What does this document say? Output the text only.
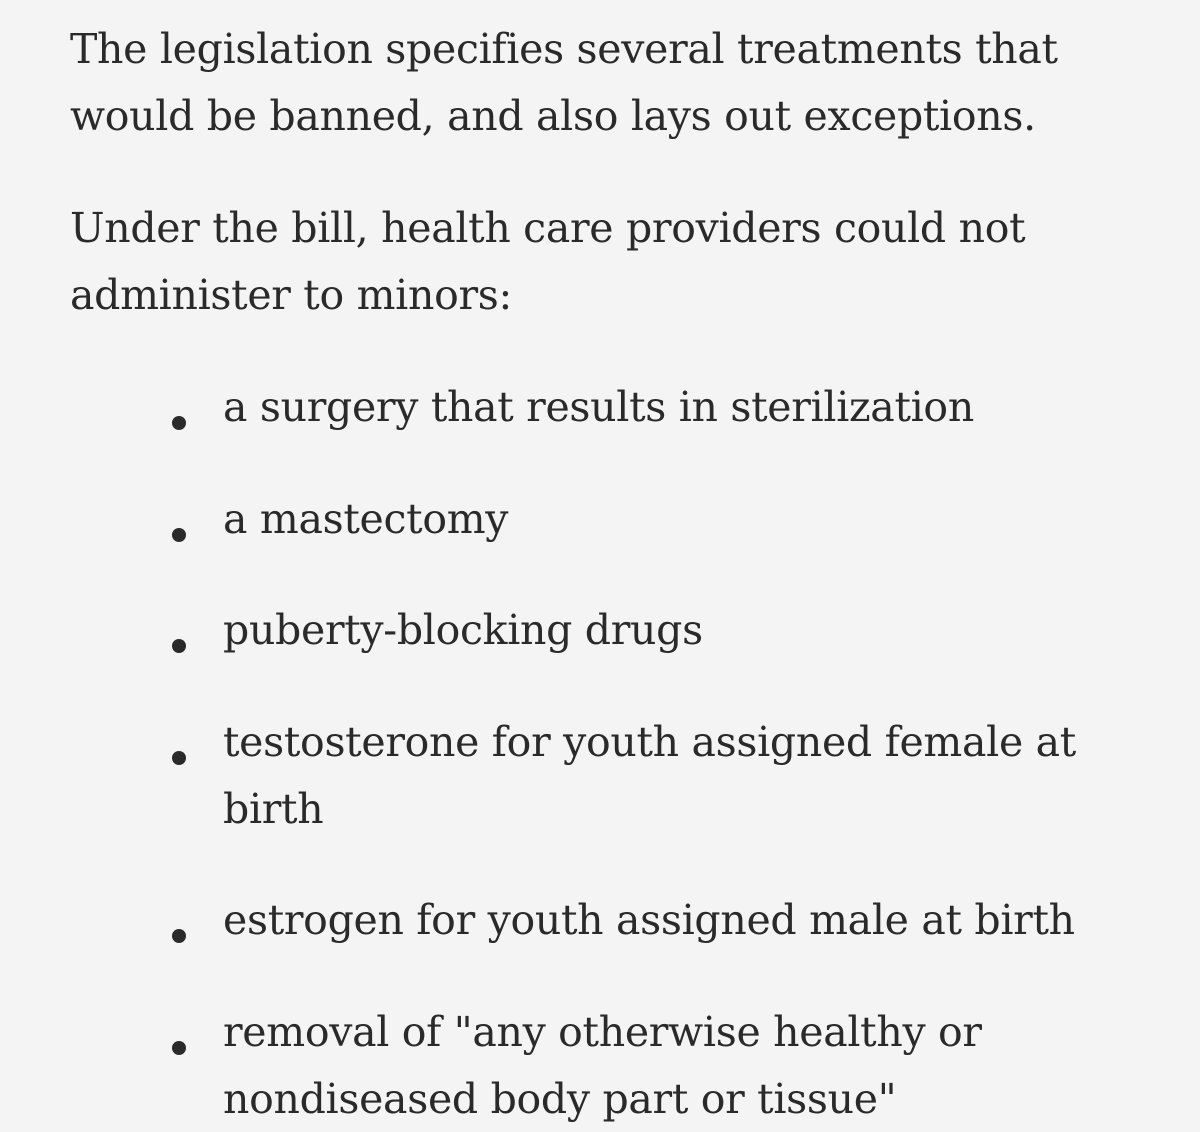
The legislation specifies several treatments that would be banned, and also lays out exceptions.

Under the bill, health care providers could not administer to minors:

a surgery that results in sterilization
a mastectomy
puberty-blocking drugs
testosterone for youth assigned female at birth
estrogen for youth assigned male at birth
removal of "any otherwise healthy or nondiseased body part or tissue"
